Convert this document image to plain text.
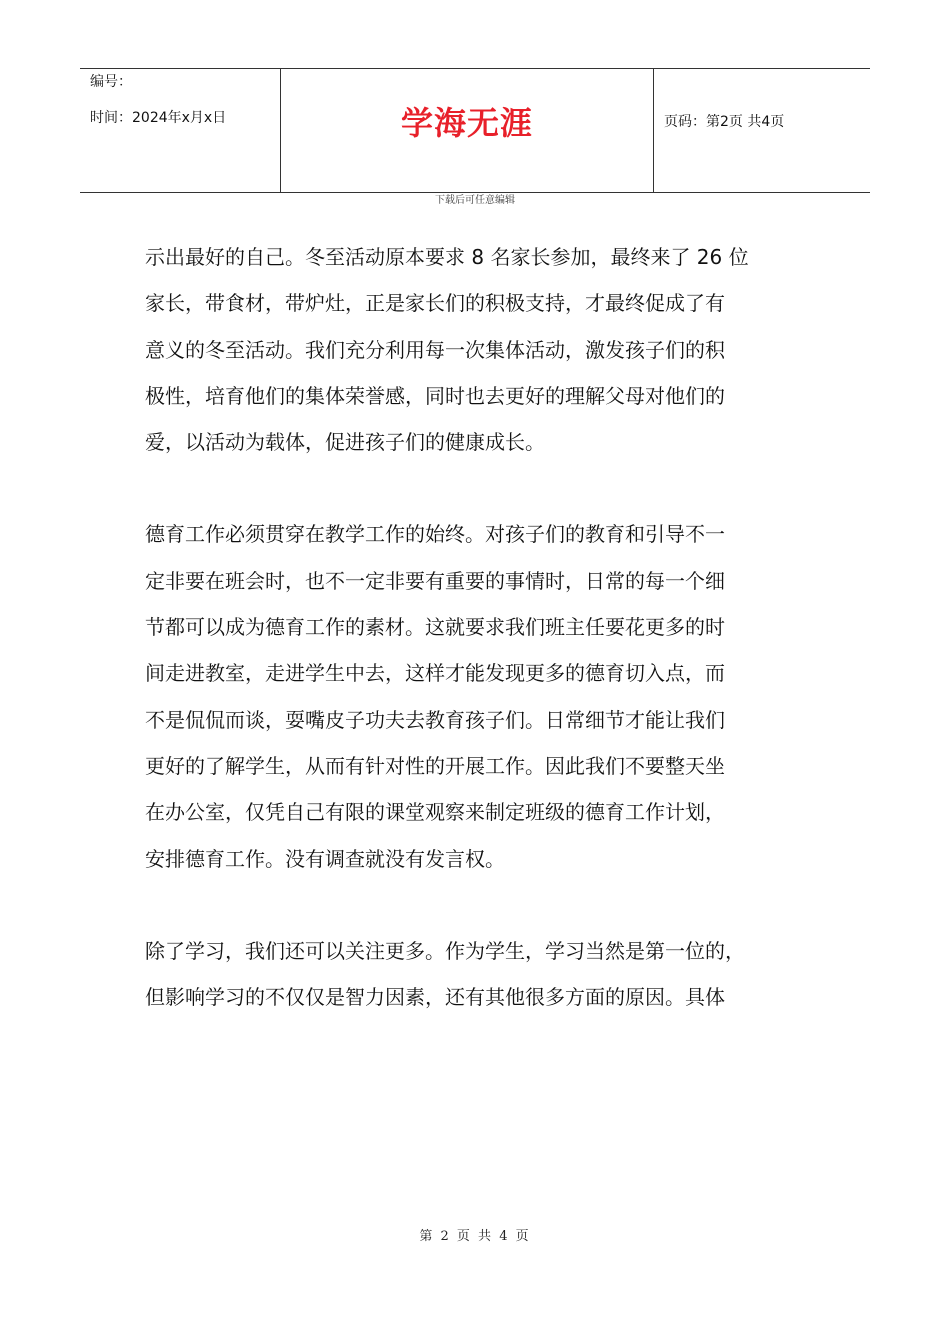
编号：
时间：2024年x月x日	学海无涯	页码：第2页 共4页
下载后可任意编辑

示出最好的自己。冬至活动原本要求 8 名家长参加，最终来了 26 位
家长，带食材，带炉灶，正是家长们的积极支持，才最终促成了有
意义的冬至活动。我们充分利用每一次集体活动，激发孩子们的积
极性，培育他们的集体荣誉感，同时也去更好的理解父母对他们的
爱，以活动为载体，促进孩子们的健康成长。

德育工作必须贯穿在教学工作的始终。对孩子们的教育和引导不一
定非要在班会时，也不一定非要有重要的事情时，日常的每一个细
节都可以成为德育工作的素材。这就要求我们班主任要花更多的时
间走进教室，走进学生中去，这样才能发现更多的德育切入点，而
不是侃侃而谈，耍嘴皮子功夫去教育孩子们。日常细节才能让我们
更好的了解学生，从而有针对性的开展工作。因此我们不要整天坐
在办公室，仅凭自己有限的课堂观察来制定班级的德育工作计划，
安排德育工作。没有调查就没有发言权。

除了学习，我们还可以关注更多。作为学生，学习当然是第一位的，
但影响学习的不仅仅是智力因素，还有其他很多方面的原因。具体

第 2 页 共 4 页
